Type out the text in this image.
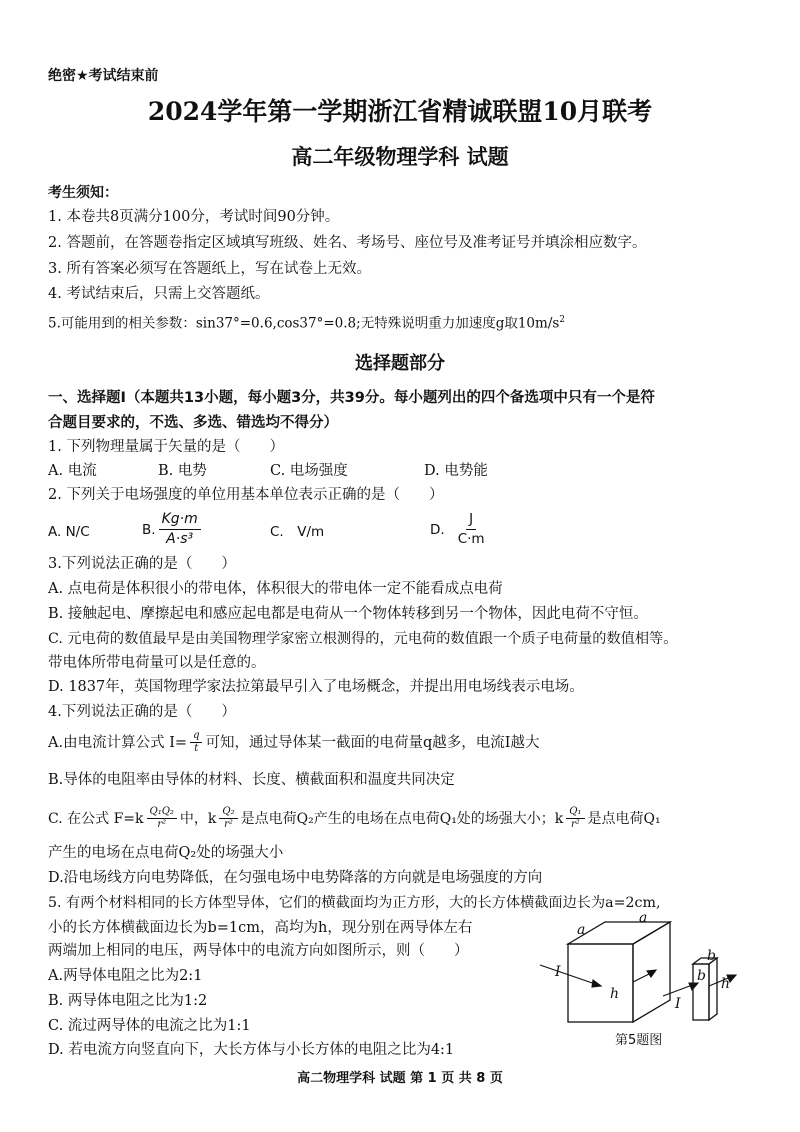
绝密★考试结束前
2024学年第一学期浙江省精诚联盟10月联考
高二年级物理学科 试题
考生须知：
1. 本卷共8页满分100分，考试时间90分钟。
2. 答题前，在答题卷指定区域填写班级、姓名、考场号、座位号及准考证号并填涂相应数字。
3. 所有答案必须写在答题纸上，写在试卷上无效。
4. 考试结束后，只需上交答题纸。
5.可能用到的相关参数：sin37°=0.6,cos37°=0.8;无特殊说明重力加速度g取$10m/s^2$
选择题部分
一、选择题Ⅰ（本题共13小题，每小题3分，共39分。每小题列出的四个备选项中只有一个是符
合题目要求的，不选、多选、错选均不得分）
1. 下列物理量属于矢量的是（　　）
A. 电流	B. 电势	C. 电场强度	D. 电势能
2. 下列关于电场强度的单位用基本单位表示正确的是（　　）
A. N/C	B. $\frac{Kg\cdot m}{\text{A·s³}}$	C.　V/m	D. $\frac{J}{C\cdot m}$
3.下列说法正确的是（　　）
A. 点电荷是体积很小的带电体，体积很大的带电体一定不能看成点电荷
B. 接触起电、摩擦起电和感应起电都是电荷从一个物体转移到另一个物体，因此电荷不守恒。
C. 元电荷的数值最早是由美国物理学家密立根测得的，元电荷的数值跟一个质子电荷量的数值相等。
带电体所带电荷量可以是任意的。
D. 1837年，英国物理学家法拉第最早引入了电场概念，并提出用电场线表示电场。
4.下列说法正确的是（　　）
A.由电流计算公式 $I= \frac{q}{t}$ 可知，通过导体某一截面的电荷量q越多，电流I越大
B.导体的电阻率由导体的材料、长度、横截面积和温度共同决定
C. 在公式 $F=k \frac{\text{Q₁Q₂}}{\text{r²}}$ 中，k $\frac{\text{Q₂}}{\text{r²}}$ 是点电荷Q₂产生的电场在点电荷Q₁处的场强大小；k $\frac{\text{Q₁}}{\text{r²}}$ 是点电荷Q₁
产生的电场在点电荷Q₂处的场强大小
D.沿电场线方向电势降低，在匀强电场中电势降落的方向就是电场强度的方向
5. 有两个材料相同的长方体型导体，它们的横截面均为正方形，大的长方体横截面边长为a=2cm,
小的长方体横截面边长为b=1cm，高均为h，现分别在两导体左右
两端加上相同的电压，两导体中的电流方向如图所示，则（　　）
A.两导体电阻之比为2:1
B. 两导体电阻之比为1:2
C. 流过两导体的电流之比为1:1
D. 若电流方向竖直向下，大长方体与小长方体的电阻之比为4:1
a
a
I
h
I
b
b
h
第5题图
高二物理学科 试题 第 1 页 共 8 页
